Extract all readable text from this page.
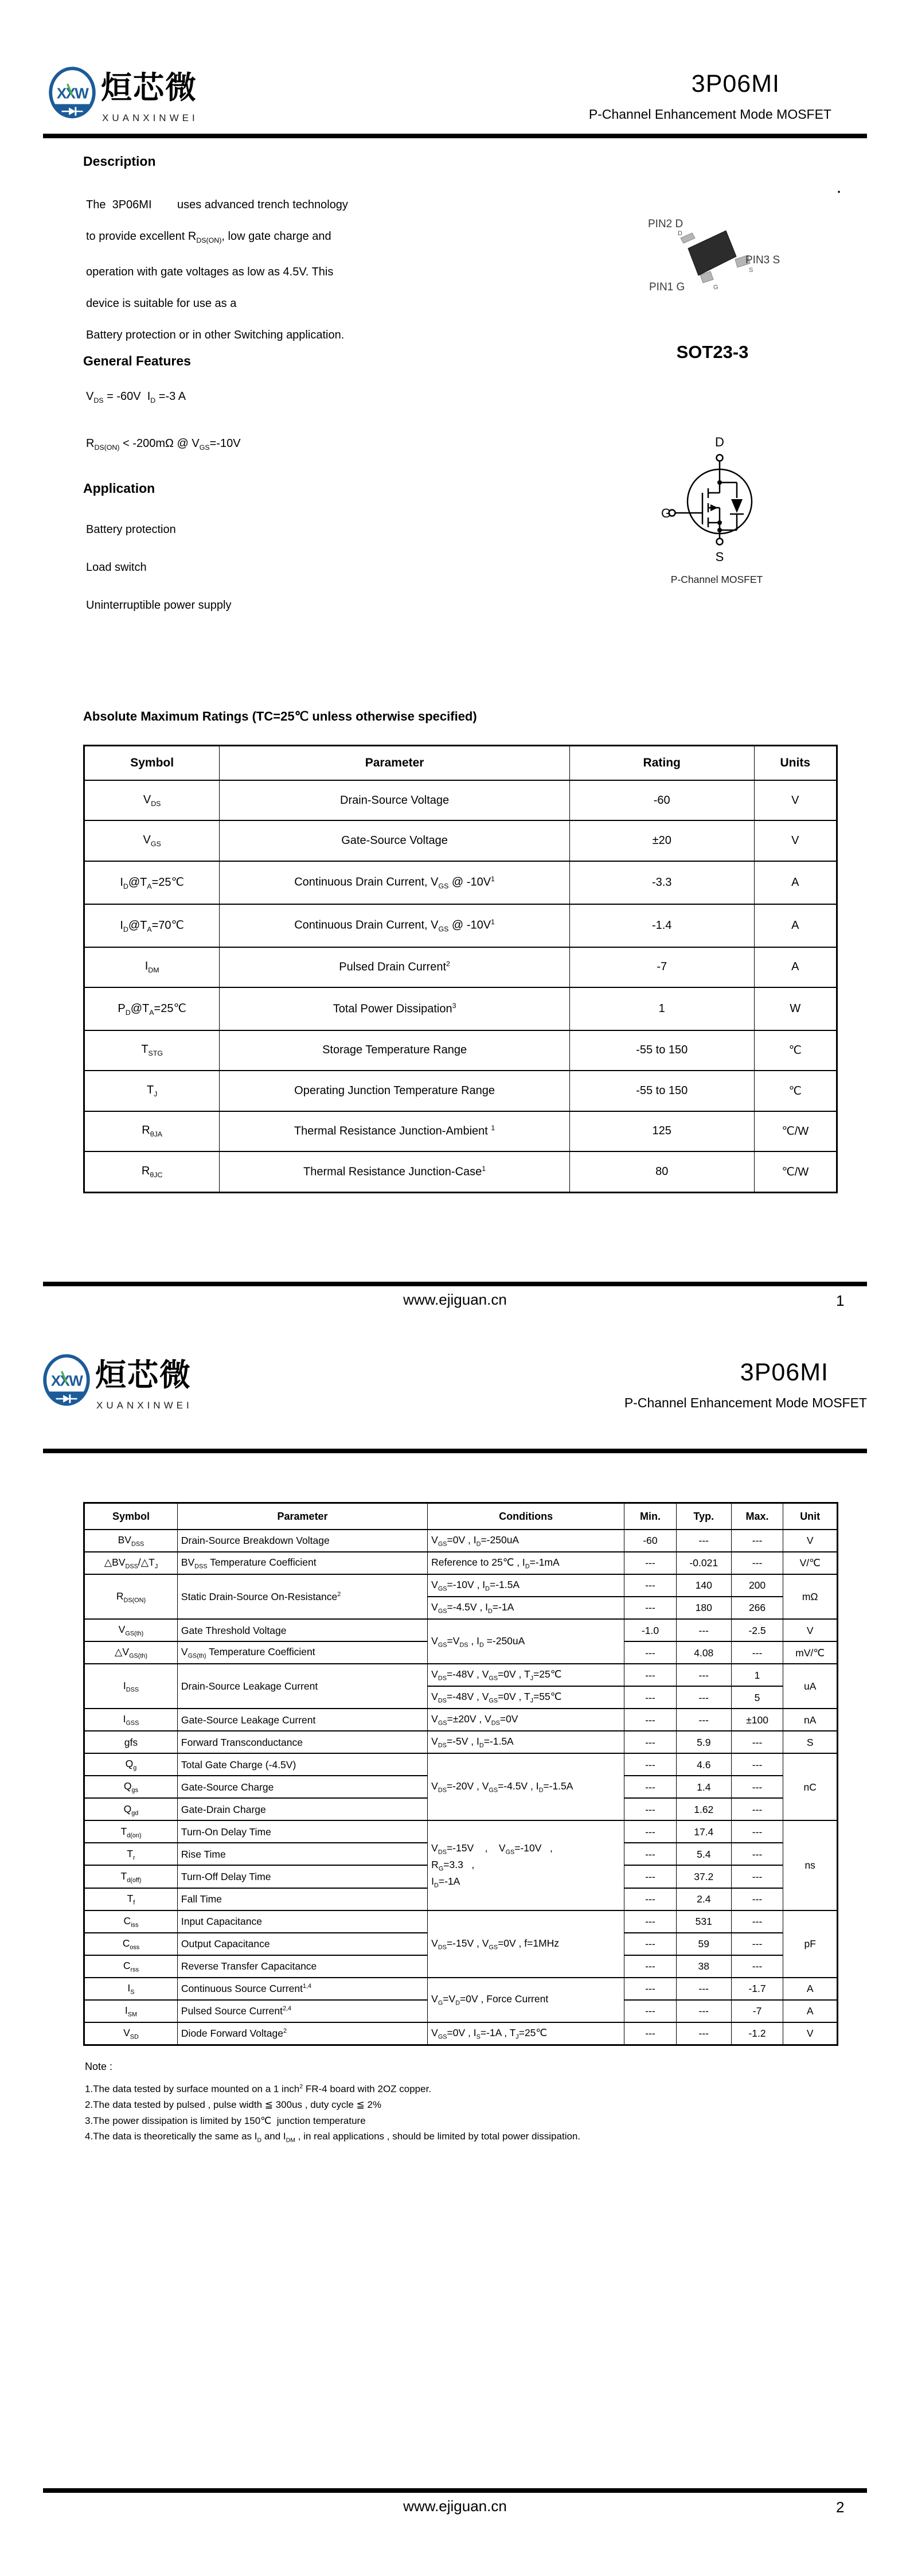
烜芯微
XUANXINWEI
3P06MI
P-Channel Enhancement Mode MOSFET
Description
The  3P06MI        uses advanced trench technology
to provide excellent $R_{DS(ON)}$, low gate charge and
operation with gate voltages as low as 4.5V. This
device is suitable for use as a
Battery protection or in other Switching application.
.
PIN2 D
D
S
G
PIN3 S
PIN1 G
SOT23-3
General Features
$V_{DS} = -60V$  $I_D =-3$ A
$R_{DS(ON)} < -200m\Omega$ @ $V_{GS}=-10V$
Application
Battery protection
Load switch
Uninterruptible power supply
D
G
S
P-Channel MOSFET
Absolute Maximum Ratings (TC=25℃ unless otherwise specified)
Symbol	Parameter	Rating	Units
$V_{DS}$	Drain-Source Voltage	-60	V
$V_{GS}$	Gate-Source Voltage	±20	V
$I_D@T_A=25℃$	Continuous Drain Current, $V_{GS}$ @ $-10V^1$	-3.3	A
$I_D@T_A=70℃$	Continuous Drain Current, $V_{GS}$ @ $-10V^1$	-1.4	A
$I_{DM}$	Pulsed Drain Current$^2$	-7	A
$P_D@T_A=25℃$	Total Power Dissipation$^3$	1	W
$T_{STG}$	Storage Temperature Range	-55 to 150	℃
$T_J$	Operating Junction Temperature Range	-55 to 150	℃
$R_{\theta JA}$	Thermal Resistance Junction-Ambient $^1$	125	℃/W
$R_{\theta JC}$	Thermal Resistance Junction-Case$^1$	80	℃/W
www.ejiguan.cn	1
烜芯微
XUANXINWEI
3P06MI
P-Channel Enhancement Mode MOSFET
Symbol	Parameter	Conditions	Min.	Typ.	Max.	Unit
$BV_{DSS}$	Drain-Source Breakdown Voltage	$V_{GS}=0V$ , $I_D=-250uA$	-60	---	---	V
$\triangle BV_{DSS}/\triangle T_J$	$BV_{DSS}$ Temperature Coefficient	Reference to 25℃ , $I_D=-1mA$	---	-0.021	---	V/℃
$R_{DS(ON)}$	Static Drain-Source On-Resistance$^2$	$V_{GS}=-10V$ , $I_D=-1.5A$	---	140	200	mΩ
		$V_{GS}=-4.5V$ , $I_D=-1A$	---	180	266	
$V_{GS(th)}$	Gate Threshold Voltage	$V_{GS}=V_{DS}$ , $I_D =-250uA$	-1.0	---	-2.5	V
$\triangle V_{GS(th)}$	$V_{GS(th)}$ Temperature Coefficient		---	4.08	---	mV/℃
$I_{DSS}$	Drain-Source Leakage Current	$V_{DS}=-48V$ , $V_{GS}=0V$ , $T_J=25℃$	---	---	1	uA
		$V_{DS}=-48V$ , $V_{GS}=0V$ , $T_J=55℃$	---	---	5	
$I_{GSS}$	Gate-Source Leakage Current	$V_{GS}=\pm 20V$ , $V_{DS}=0V$	---	---	±100	nA
gfs	Forward Transconductance	$V_{DS}=-5V$ , $I_D=-1.5A$	---	5.9	---	S
$Q_g$	Total Gate Charge (-4.5V)	$V_{DS}=-20V$ , $V_{GS}=-4.5V$ , $I_D=-1.5A$	---	4.6	---	nC
$Q_{gs}$	Gate-Source Charge		---	1.4	---	
$Q_{gd}$	Gate-Drain Charge		---	1.62	---	
$T_{d(on)}$	Turn-On Delay Time	$V_{DS}=-15V$    ,    $V_{GS}=-10V$   ,
$R_G=3.3$   ,
$I_D=-1A$	---	17.4	---	ns
$T_r$	Rise Time		---	5.4	---	
$T_{d(off)}$	Turn-Off Delay Time		---	37.2	---	
$T_f$	Fall Time		---	2.4	---	
$C_{iss}$	Input Capacitance	$V_{DS}=-15V$ , $V_{GS}=0V$ , f=1MHz	---	531	---	pF
$C_{oss}$	Output Capacitance		---	59	---	
$C_{rss}$	Reverse Transfer Capacitance		---	38	---	
$I_S$	Continuous Source Current$^{1,4}$	$V_G=V_D=0V$ , Force Current	---	---	-1.7	A
$I_{SM}$	Pulsed Source Current$^{2,4}$		---	---	-7	A
$V_{SD}$	Diode Forward Voltage$^2$	$V_{GS}=0V$ , $I_S=-1A$ , $T_J=25℃$	---	---	-1.2	V
Note :
1.The data tested by surface mounted on a 1 inch$^2$ FR-4 board with 2OZ copper.
2.The data tested by pulsed , pulse width ≦ 300us , duty cycle ≦ 2%
3.The power dissipation is limited by 150℃  junction temperature
4.The data is theoretically the same as $I_D$ and $I_{DM}$ , in real applications , should be limited by total power dissipation.
www.ejiguan.cn	2
